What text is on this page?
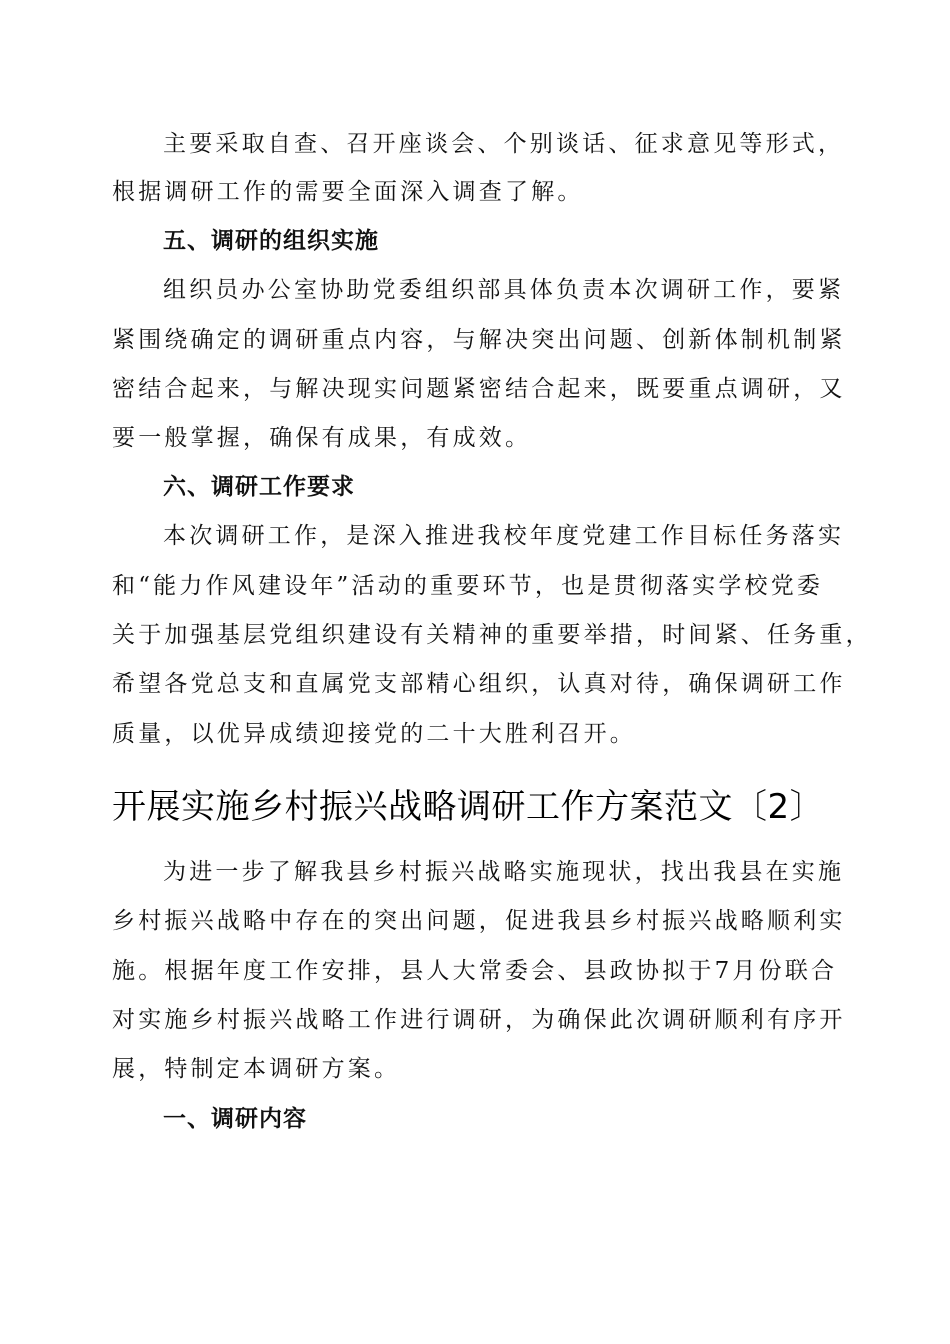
主要采取自查、召开座谈会、个别谈话、征求意见等形式，
根据调研工作的需要全面深入调查了解。
五、调研的组织实施
组织员办公室协助党委组织部具体负责本次调研工作，要紧
紧围绕确定的调研重点内容，与解决突出问题、创新体制机制紧
密结合起来，与解决现实问题紧密结合起来，既要重点调研，又
要一般掌握，确保有成果，有成效。
六、调研工作要求
本次调研工作，是深入推进我校年度党建工作目标任务落实
和“能力作风建设年”活动的重要环节，也是贯彻落实学校党委
关于加强基层党组织建设有关精神的重要举措，时间紧、任务重，
希望各党总支和直属党支部精心组织，认真对待，确保调研工作
质量，以优异成绩迎接党的二十大胜利召开。
开展实施乡村振兴战略调研工作方案范文〔2〕
为进一步了解我县乡村振兴战略实施现状，找出我县在实施
乡村振兴战略中存在的突出问题，促进我县乡村振兴战略顺利实
施。根据年度工作安排，县人大常委会、县政协拟于7月份联合
对实施乡村振兴战略工作进行调研，为确保此次调研顺利有序开
展，特制定本调研方案。
一、调研内容
